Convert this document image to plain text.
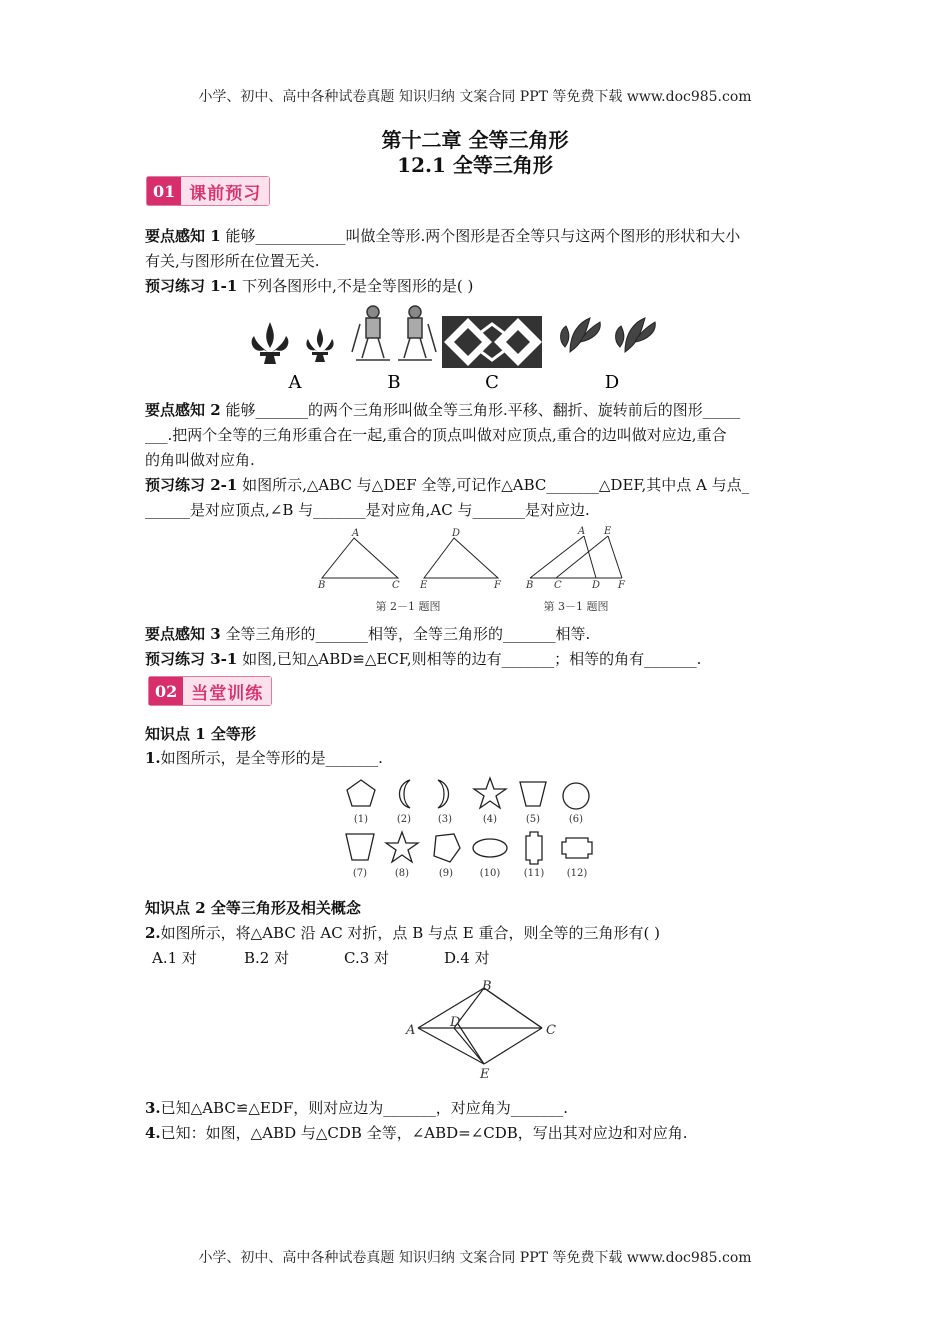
小学、初中、高中各种试卷真题 知识归纳 文案合同 PPT 等免费下载 www.doc985.com
第十二章 全等三角形
12.1 全等三角形
01 课前预习
要点感知 1 能够____________叫做全等形.两个图形是否全等只与这两个图形的形状和大小
有关,与图形所在位置无关.
预习练习 1-1 下列各图形中,不是全等图形的是( )
A	B	C	D
要点感知 2 能够_______的两个三角形叫做全等三角形.平移、翻折、旋转前后的图形_____
___.把两个全等的三角形重合在一起,重合的顶点叫做对应顶点,重合的边叫做对应边,重合
的角叫做对应角.
预习练习 2-1 如图所示,△ABC 与△DEF 全等,可记作△ABC_______△DEF,其中点 A 与点_
______是对应顶点,∠B 与_______是对应角,AC 与_______是对应边.
A
B	C
D
E	F
A E
B C	D F
第 2－1 题图	第 3－1 题图
要点感知 3 全等三角形的_______相等，全等三角形的_______相等.
预习练习 3-1 如图,已知△ABD≌△ECF,则相等的边有_______；相等的角有_______.
02 当堂训练
知识点 1 全等形
1.如图所示，是全等形的是_______.
(1)	(2)	(3)	(4)	(5)	(6)
(7)	(8)	(9)	(10) (11) (12)
知识点 2 全等三角形及相关概念
2.如图所示，将△ABC 沿 AC 对折，点 B 与点 E 重合，则全等的三角形有( )
A.1 对	B.2 对	C.3 对	D.4 对
B
A
D
C
E
3.已知△ABC≌△EDF，则对应边为_______，对应角为_______.
4.已知：如图，△ABD 与△CDB 全等，∠ABD=∠CDB，写出其对应边和对应角.
小学、初中、高中各种试卷真题 知识归纳 文案合同 PPT 等免费下载 www.doc985.com
